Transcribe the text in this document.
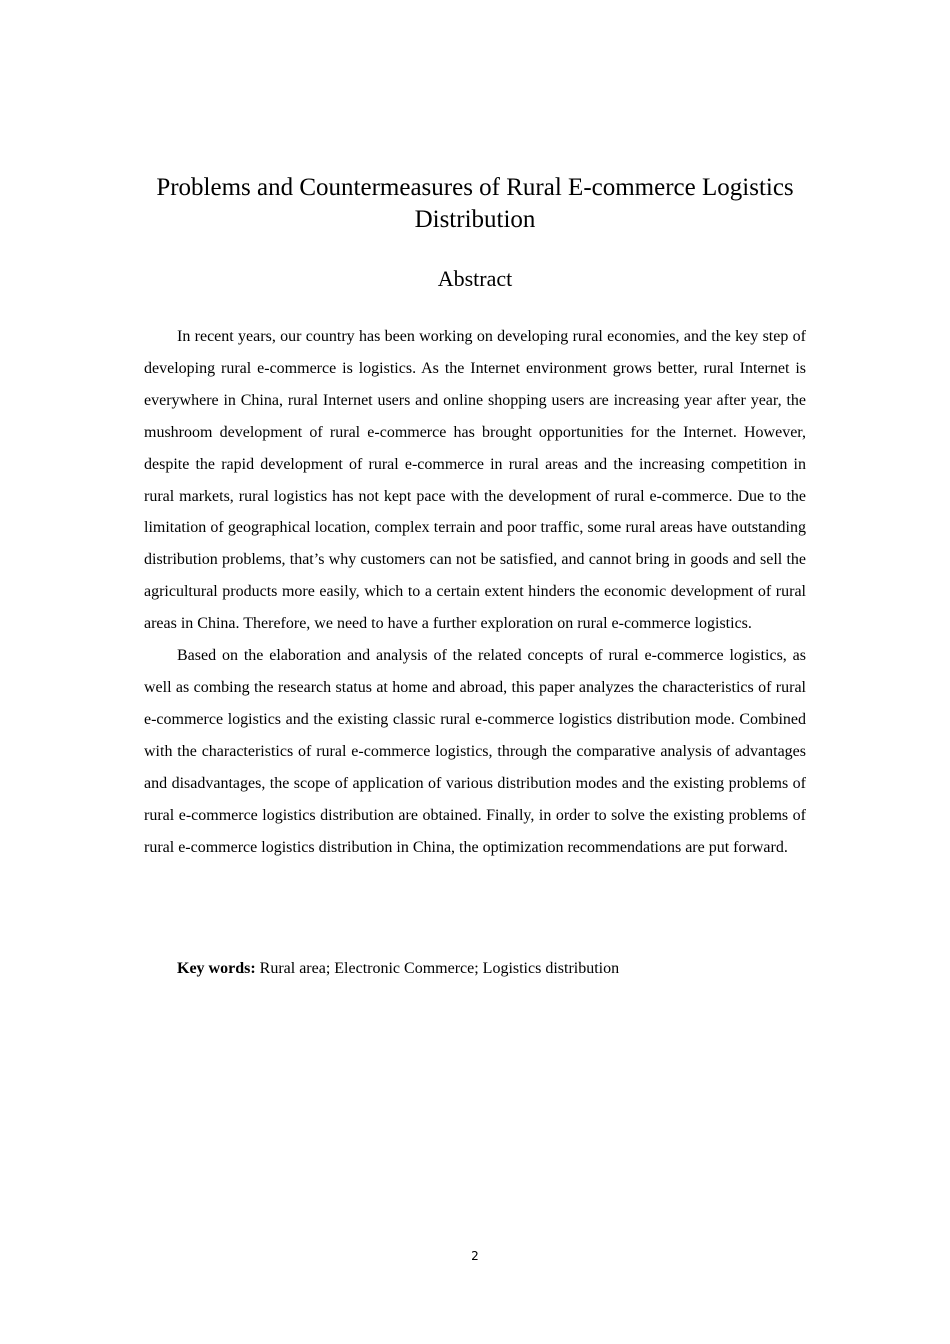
Problems and Countermeasures of Rural E-commerce Logistics Distribution
Abstract

In recent years, our country has been working on developing rural economies, and the key step of developing rural e-commerce is logistics. As the Internet environment grows better, rural Internet is everywhere in China, rural Internet users and online shopping users are increasing year after year, the mushroom development of rural e-commerce has brought opportunities for the Internet. However, despite the rapid development of rural e-commerce in rural areas and the increasing competition in rural markets, rural logistics has not kept pace with the development of rural e-commerce. Due to the limitation of geographical location, complex terrain and poor traffic, some rural areas have outstanding distribution problems, that’s why customers can not be satisfied, and cannot bring in goods and sell the agricultural products more easily, which to a certain extent hinders the economic development of rural areas in China. Therefore, we need to have a further exploration on rural e-commerce logistics.

Based on the elaboration and analysis of the related concepts of rural e-commerce logistics, as well as combing the research status at home and abroad, this paper analyzes the characteristics of rural e-commerce logistics and the existing classic rural e-commerce logistics distribution mode. Combined with the characteristics of rural e-commerce logistics, through the comparative analysis of advantages and disadvantages, the scope of application of various distribution modes and the existing problems of rural e-commerce logistics distribution are obtained. Finally, in order to solve the existing problems of rural e-commerce logistics distribution in China, the optimization recommendations are put forward.

Key words: Rural area; Electronic Commerce; Logistics distribution

2
